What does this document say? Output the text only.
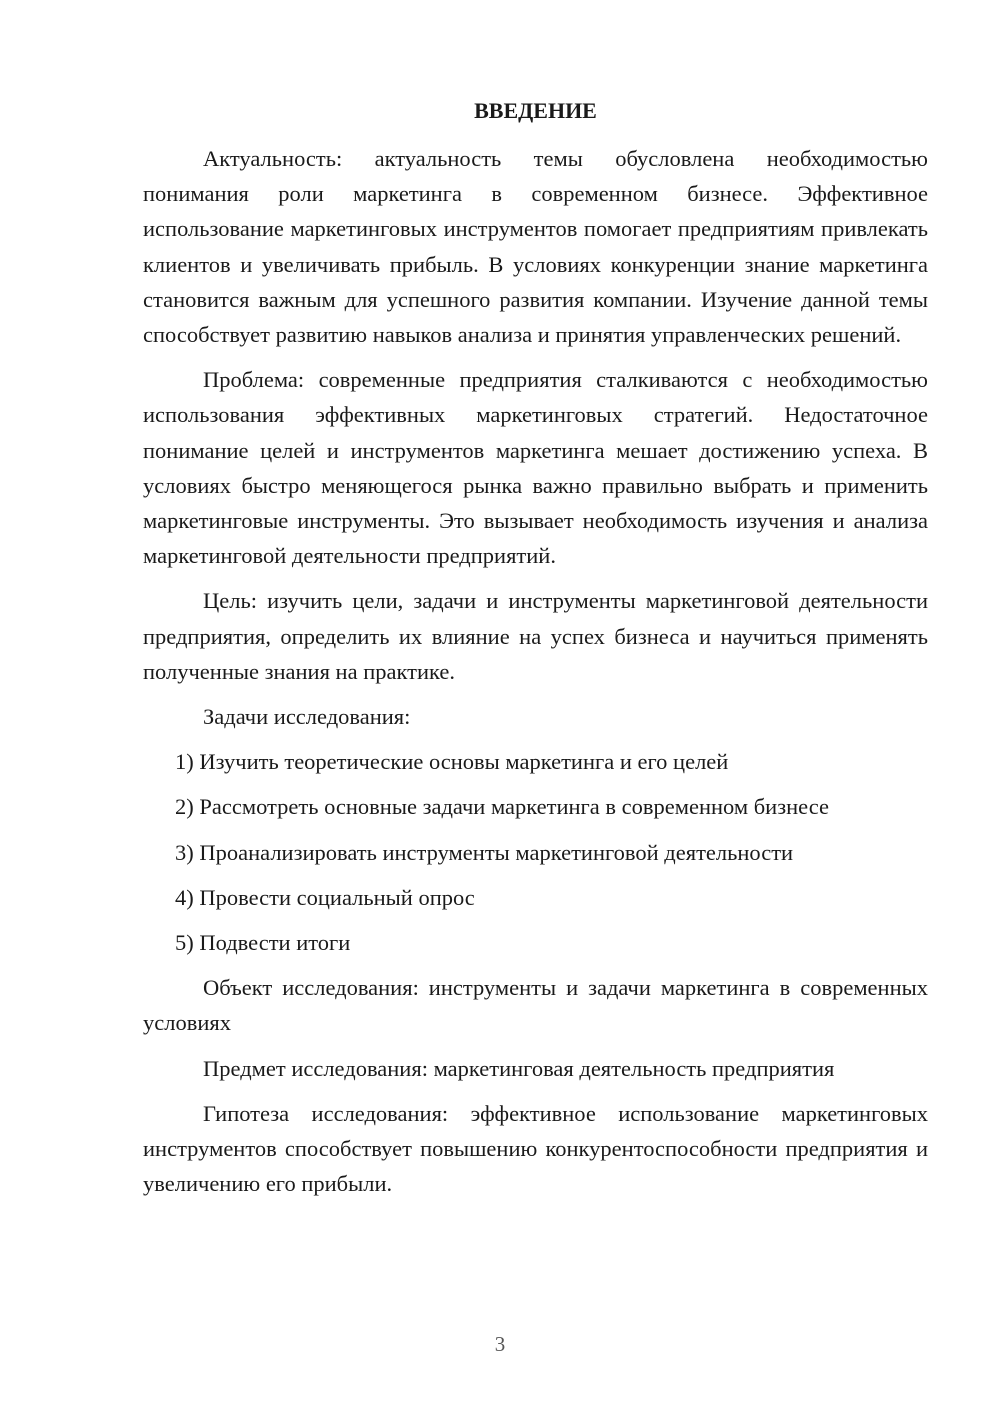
ВВЕДЕНИЕ

Актуальность: актуальность темы обусловлена необходимостью понимания роли маркетинга в современном бизнесе. Эффективное использование маркетинговых инструментов помогает предприятиям привлекать клиентов и увеличивать прибыль. В условиях конкуренции знание маркетинга становится важным для успешного развития компании. Изучение данной темы способствует развитию навыков анализа и принятия управленческих решений.

Проблема: современные предприятия сталкиваются с необходимостью использования эффективных маркетинговых стратегий. Недостаточное понимание целей и инструментов маркетинга мешает достижению успеха. В условиях быстро меняющегося рынка важно правильно выбрать и применить маркетинговые инструменты. Это вызывает необходимость изучения и анализа маркетинговой деятельности предприятий.

Цель: изучить цели, задачи и инструменты маркетинговой деятельности предприятия, определить их влияние на успех бизнеса и научиться применять полученные знания на практике.

Задачи исследования:

1) Изучить теоретические основы маркетинга и его целей
2) Рассмотреть основные задачи маркетинга в современном бизнесе
3) Проанализировать инструменты маркетинговой деятельности
4) Провести социальный опрос
5) Подвести итоги

Объект исследования: инструменты и задачи маркетинга в современных условиях

Предмет исследования: маркетинговая деятельность предприятия

Гипотеза исследования: эффективное использование маркетинговых инструментов способствует повышению конкурентоспособности предприятия и увеличению его прибыли.

3
